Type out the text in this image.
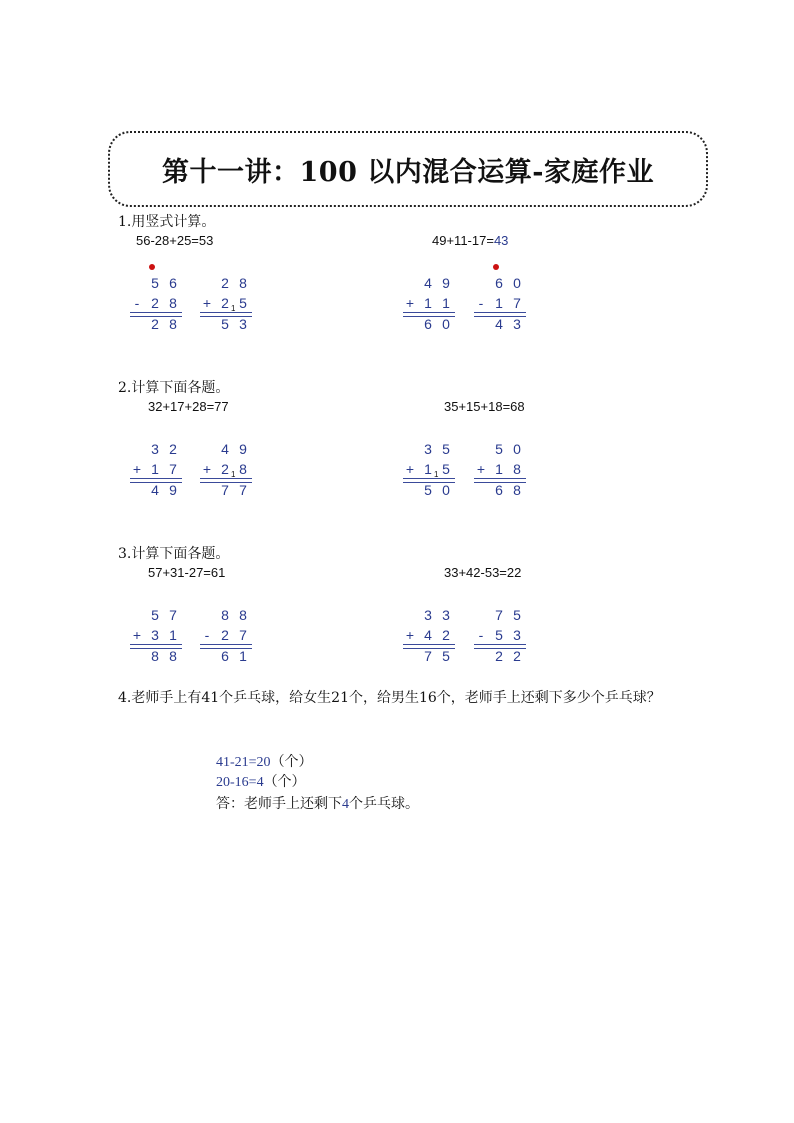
第十一讲：100 以内混合运算-家庭作业
1.用竖式计算。
56-28+25=53	49+11-17=43
2.计算下面各题。
32+17+28=77	35+15+18=68
3.计算下面各题。
57+31-27=61	33+42-53=22
5 6
- 2 8
2 8
2 8
+ 2 5
5 3
1
4 9
+ 1 1
6 0
6 0
- 1 7
4 3
3 2
+ 1 7
4 9
4 9
+ 2 8
7 7
1
3 5
+ 1 5
5 0
1
5 0
+ 1 8
6 8
5 7
+ 3 1
8 8
8 8
- 2 7
6 1
3 3
+ 4 2
7 5
7 5
- 5 3
2 2
4.老师手上有41个乒乓球，给女生21个，给男生16个，老师手上还剩下多少个乒乓球？
41-21=20（个）
20-16=4（个）
答：老师手上还剩下4个乒乓球。
